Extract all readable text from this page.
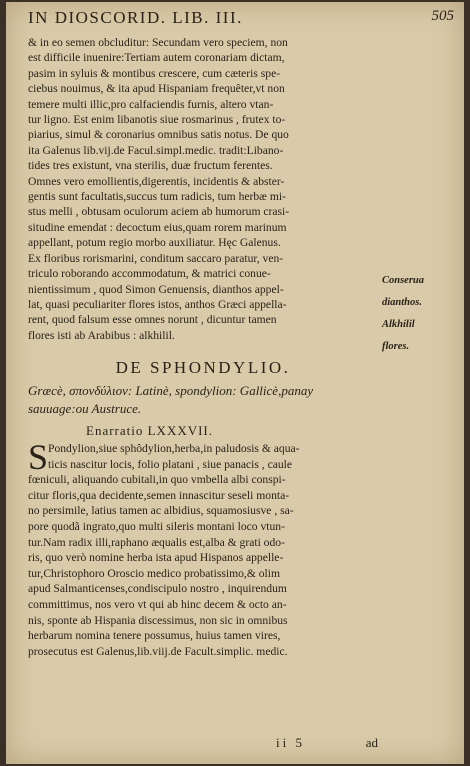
IN DIOSCORID. LIB. III.	505
& in eo semen obcluditur: Secundam vero speciem, non
est difficile inuenire:Tertiam autem coronariam dictam,
pasim in syluis & montibus crescere, cum cæteris spe-
ciebus nouimus, & ita apud Hispaniam frequêter,vt non
temere multi illic,pro calfaciendis furnis, altero vtan-
tur ligno. Est enim libanotis siue rosmarinus , frutex to-
piarius, simul & coronarius omnibus satis notus. De quo
ita Galenus lib.vij.de Facul.simpl.medic. tradit:Libano-
tides tres existunt, vna sterilis, duæ fructum ferentes.
Omnes vero emollientis,digerentis, incidentis & abster-
gentis sunt facultatis,succus tum radicis, tum herbæ mi-
stus melli , obtusam oculorum aciem ab humorum crasi-
situdine emendat : decoctum eius,quam rorem marinum
appellant, potum regio morbo auxiliatur. Hęc Galenus.
Ex floribus rorismarini, conditum saccaro paratur, ven-
triculo roborando accommodatum, & matrici conue-
nientissimum , quod Simon Genuensis, dianthos appel-
lat, quasi peculiariter flores istos, anthos Græci appella-
rent, quod falsum esse omnes norunt , dicuntur tamen
flores isti ab Arabibus : alkhilil.
Conserua
dianthos.
Alkhilil
flores.
DE SPHONDYLIO.
Græcè, σπονδύλιον: Latinè, spondylion: Gallicè,panay
sauuage:ou Austruce.
Enarratio LXXXVII.
S Pondylion,siue sphôdylion,herba,in paludosis & aqua-
ticis nascitur locis, folio platani , siue panacis , caule
fœniculi, aliquando cubitali,in quo vmbella albi conspi-
citur floris,qua decidente,semen innascitur seseli monta-
no persimile, latius tamen ac albidius, squamosiusve , sa-
pore quodã ingrato,quo multi sileris montani loco vtun-
tur.Nam radix illi,raphano æqualis est,alba & grati odo-
ris, quo verò nomine herba ista apud Hispanos appelle-
tur,Christophoro Oroscio medico probatissimo,& olim
apud Salmanticenses,condiscipulo nostro , inquirendum
committimus, nos vero vt qui ab hinc decem & octo an-
nis, sponte ab Hispania discessimus, non sic in omnibus
herbarum nomina tenere possumus, huius tamen vires,
prosecutus est Galenus,lib.viij.de Facult.simplic. medic.
ii 5	ad
